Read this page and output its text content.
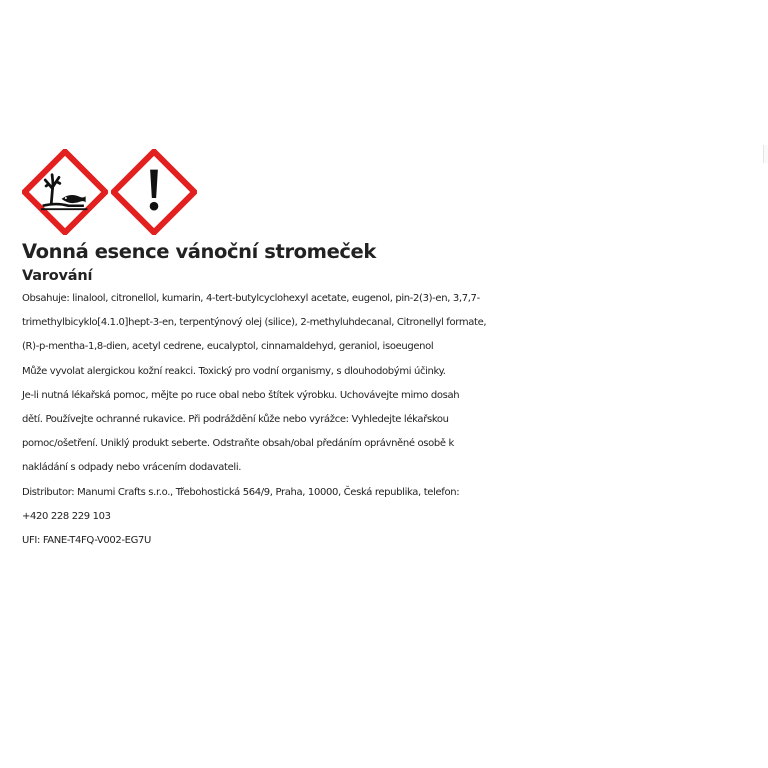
Vonná esence vánoční stromeček
Varování
Obsahuje: linalool, citronellol, kumarin, 4-tert-butylcyclohexyl acetate, eugenol, pin-2(3)-en, 3,7,7-
trimethylbicyklo[4.1.0]hept-3-en, terpentýnový olej (silice), 2-methyluhdecanal, Citronellyl formate,
(R)-p-mentha-1,8-dien, acetyl cedrene, eucalyptol, cinnamaldehyd, geraniol, isoeugenol
Může vyvolat alergickou kožní reakci. Toxický pro vodní organismy, s dlouhodobými účinky.
Je-li nutná lékařská pomoc, mějte po ruce obal nebo štítek výrobku. Uchovávejte mimo dosah
dětí. Používejte ochranné rukavice. Při podráždění kůže nebo vyrážce: Vyhledejte lékařskou
pomoc/ošetření. Uniklý produkt seberte. Odstraňte obsah/obal předáním oprávněné osobě k
nakládání s odpady nebo vrácením dodavateli.
Distributor: Manumi Crafts s.r.o., Třebohostická 564/9, Praha, 10000, Česká republika, telefon:
+420 228 229 103
UFI: FANE-T4FQ-V002-EG7U
